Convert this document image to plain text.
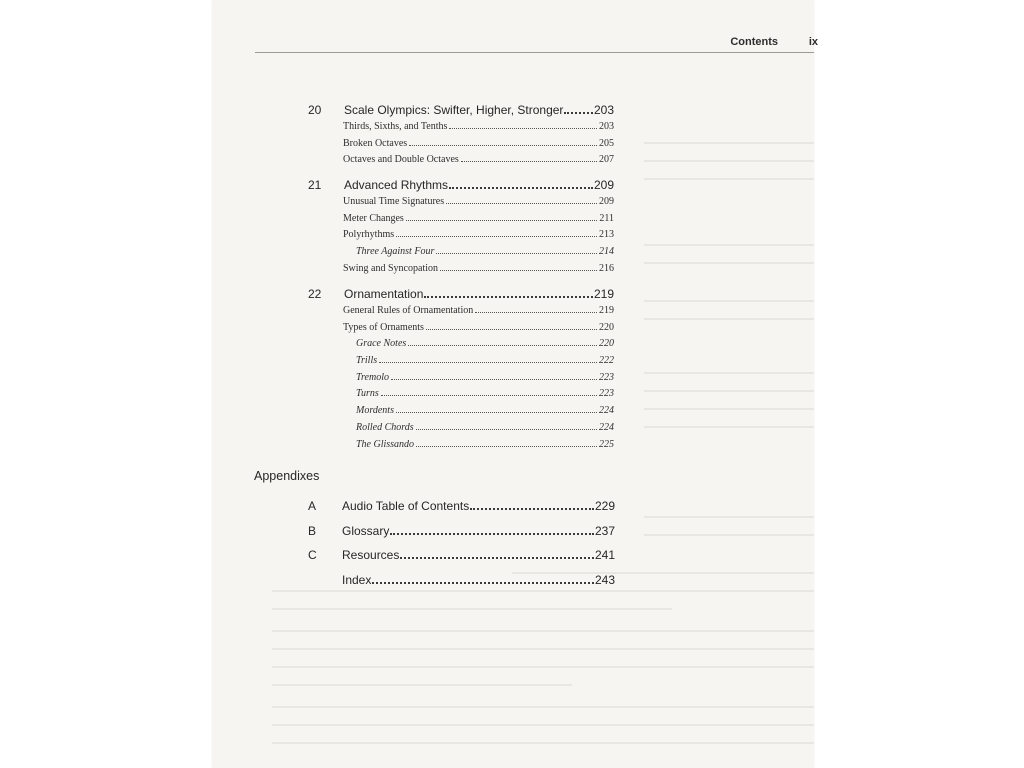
Contents	ix
20	Scale Olympics: Swifter, Higher, Stronger	203
Thirds, Sixths, and Tenths	203
Broken Octaves	205
Octaves and Double Octaves	207
21	Advanced Rhythms	209
Unusual Time Signatures	209
Meter Changes	211
Polyrhythms	213
Three Against Four	214
Swing and Syncopation	216
22	Ornamentation	219
General Rules of Ornamentation	219
Types of Ornaments	220
Grace Notes	220
Trills	222
Tremolo	223
Turns	223
Mordents	224
Rolled Chords	224
The Glissando	225
Appendixes
A	Audio Table of Contents	229
B	Glossary	237
C	Resources	241
Index	243
